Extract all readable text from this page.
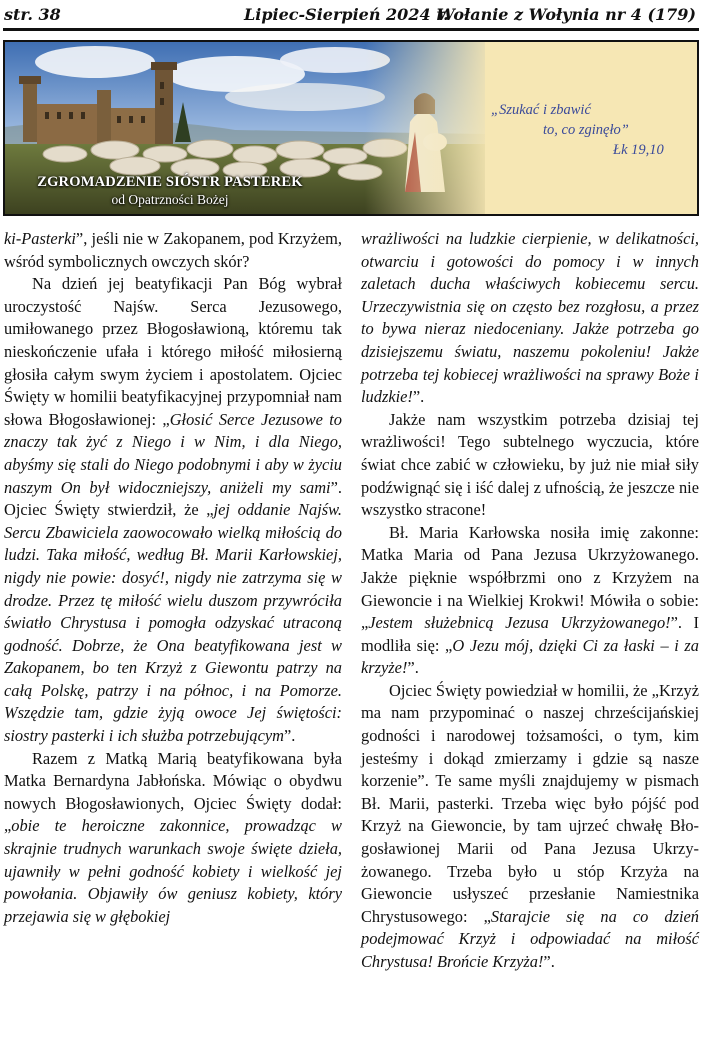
str. 38	Lipiec-Sierpień 2024 r.
Wołanie z Wołynia nr 4 (179)
„Szukać i zbawić
to, co zginęło”
Łk 19,10
ZGROMADZENIE SIÓSTR PASTEREK
od Opatrzności Bożej

ki-Pasterki”, jeśli nie w Zakopanem, pod Krzyżem, wśród symbolicznych owczych skór?

Na dzień jej beatyfikacji Pan Bóg wybrał uroczystość Najśw. Serca Jezusowego, umiłowanego przez Błogosławioną, któremu tak nieskończenie ufała i którego miłość miłosierną głosiła całym swym życiem i apostolatem. Ojciec Święty w homilii beatyfikacyjnej przypomniał nam słowa Błogosławionej: „Głosić Serce Jezusowe to znaczy tak żyć z Niego i w Nim, i dla Niego, abyśmy się stali do Niego podobnymi i aby w życiu naszym On był widoczniejszy, aniżeli my sami”. Ojciec Święty stwierdził, że „jej oddanie Najśw. Sercu Zbawiciela zaowocowało wielką miłością do ludzi. Taka miłość, według Bł. Marii Karłowskiej, nigdy nie powie: dosyć!, nigdy nie zatrzyma się w drodze. Przez tę miłość wielu duszom przywróciła światło Chrystusa i pomogła odzyskać utraconą godność. Dobrze, że Ona beatyfikowana jest w Zakopanem, bo ten Krzyż z Giewontu patrzy na całą Polskę, patrzy i na północ, i na Pomorze. Wszędzie tam, gdzie żyją owoce Jej świętości: siostry pasterki i ich służba potrzebującym”.

Razem z Matką Marią beatyfikowana była Matka Bernardyna Jabłońska. Mówiąc o obydwu nowych Błogosławionych, Ojciec Święty dodał: „obie te heroiczne zakonnice, prowadząc w skrajnie trudnych warunkach swoje święte dzieła, ujawniły w pełni godność kobiety i wielkość jej powołania. Objawiły ów geniusz kobiety, który przejawia się w głębokiej

wrażliwości na ludzkie cierpienie, w delikatności, otwarciu i gotowości do pomocy i w innych zaletach ducha właściwych kobiecemu sercu. Urzeczywistnia się on często bez rozgłosu, a przez to bywa nieraz niedoceniany. Jakże potrzeba go dzisiejszemu światu, naszemu pokoleniu! Jakże potrzeba tej kobiecej wrażliwości na sprawy Boże i ludzkie!”.

Jakże nam wszystkim potrzeba dzisiaj tej wrażliwości! Tego subtelnego wyczucia, które świat chce zabić w człowieku, by już nie miał siły podźwignąć się i iść dalej z ufnością, że jeszcze nie wszystko stracone!

Bł. Maria Karłowska nosiła imię zakonne: Matka Maria od Pana Jezusa Ukrzyżowanego. Jakże pięknie współbrzmi ono z Krzyżem na Giewoncie i na Wielkiej Krokwi! Mówiła o sobie: „Jestem służebnicą Jezusa Ukrzyżowanego!”. I modliła się: „O Jezu mój, dzięki Ci za łaski – i za krzyże!”.

Ojciec Święty powiedział w homilii, że „Krzyż ma nam przypominać o naszej chrześcijańskiej godności i narodowej tożsamości, o tym, kim jesteśmy i dokąd zmierzamy i gdzie są nasze korzenie”. Te same myśli znajdujemy w pismach Bł. Marii, pasterki. Trzeba więc było pójść pod Krzyż na Giewoncie, by tam ujrzeć chwałę Błogosławionej Marii od Pana Jezusa Ukrzyżowanego. Trzeba było u stóp Krzyża na Giewoncie usłyszeć przesłanie Namiestnika Chrystusowego: „Starajcie się na co dzień podejmować Krzyż i odpowiadać na miłość Chrystusa! Brońcie Krzyża!”.
